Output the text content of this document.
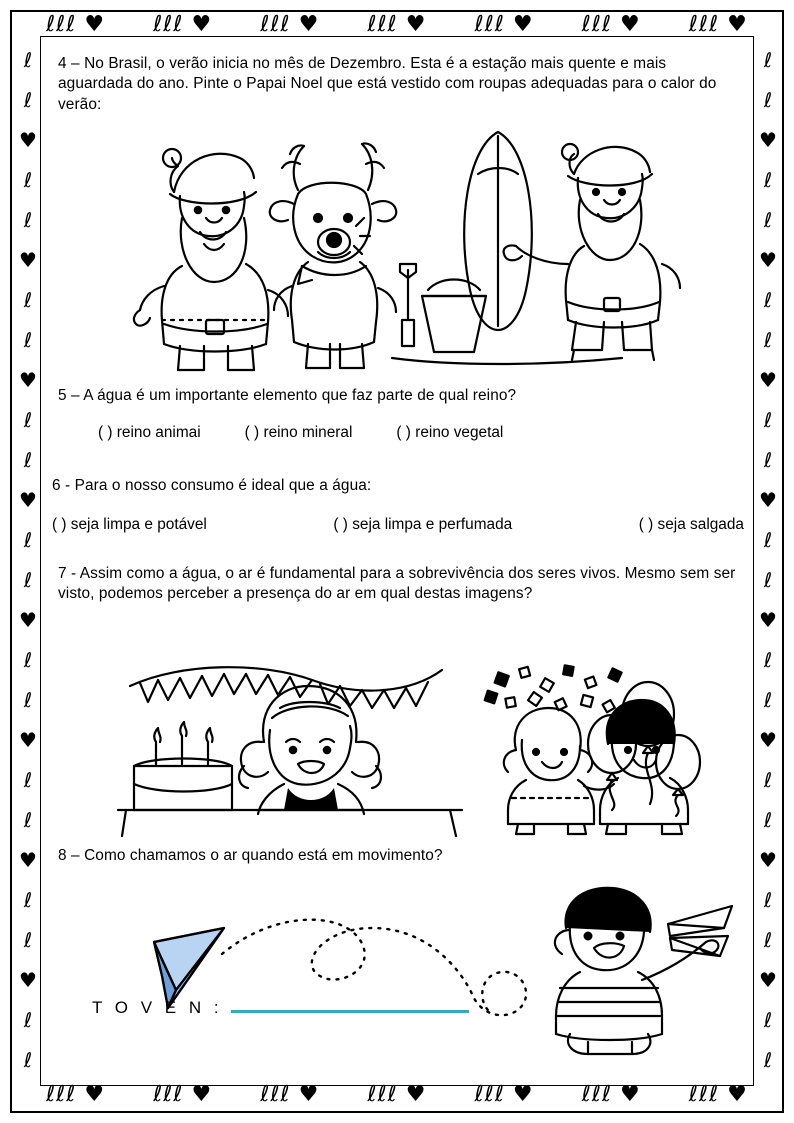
ℓℓℓ ♥ ℓℓℓ ♥ ℓℓℓ ♥ ℓℓℓ ♥ ℓℓℓ ♥ ℓℓℓ ♥ ℓℓℓ ♥
ℓℓℓ ♥ ℓℓℓ ♥ ℓℓℓ ♥ ℓℓℓ ♥ ℓℓℓ ♥ ℓℓℓ ♥ ℓℓℓ ♥
ℓ
ℓ
♥
ℓ
ℓ
♥
ℓ
ℓ
♥
ℓ
ℓ
♥
ℓ
ℓ
♥
ℓ
ℓ
♥
ℓ
ℓ
♥
ℓ
ℓ
♥
ℓ
ℓ
ℓ
ℓ
♥
ℓ
ℓ
♥
ℓ
ℓ
♥
ℓ
ℓ
♥
ℓ
ℓ
♥
ℓ
ℓ
♥
ℓ
ℓ
♥
ℓ
ℓ
♥
ℓ
ℓ
4 – No Brasil, o verão inicia no mês de Dezembro. Esta é a estação mais quente e mais aguardada do ano. Pinte o Papai Noel que está vestido com roupas adequadas para o calor do verão:
5 – A água é um importante elemento que faz parte de qual reino?
( ) reino animai	( ) reino mineral	( ) reino vegetal
6 - Para o nosso consumo é ideal que a água:
( ) seja limpa e potável	( ) seja limpa e perfumada	( ) seja salgada
7 - Assim como a água, o ar é fundamental para a sobrevivência dos seres vivos. Mesmo sem ser visto, podemos perceber a presença do ar em qual destas imagens?
8 – Como chamamos o ar quando está em movimento?
T O V E N :
